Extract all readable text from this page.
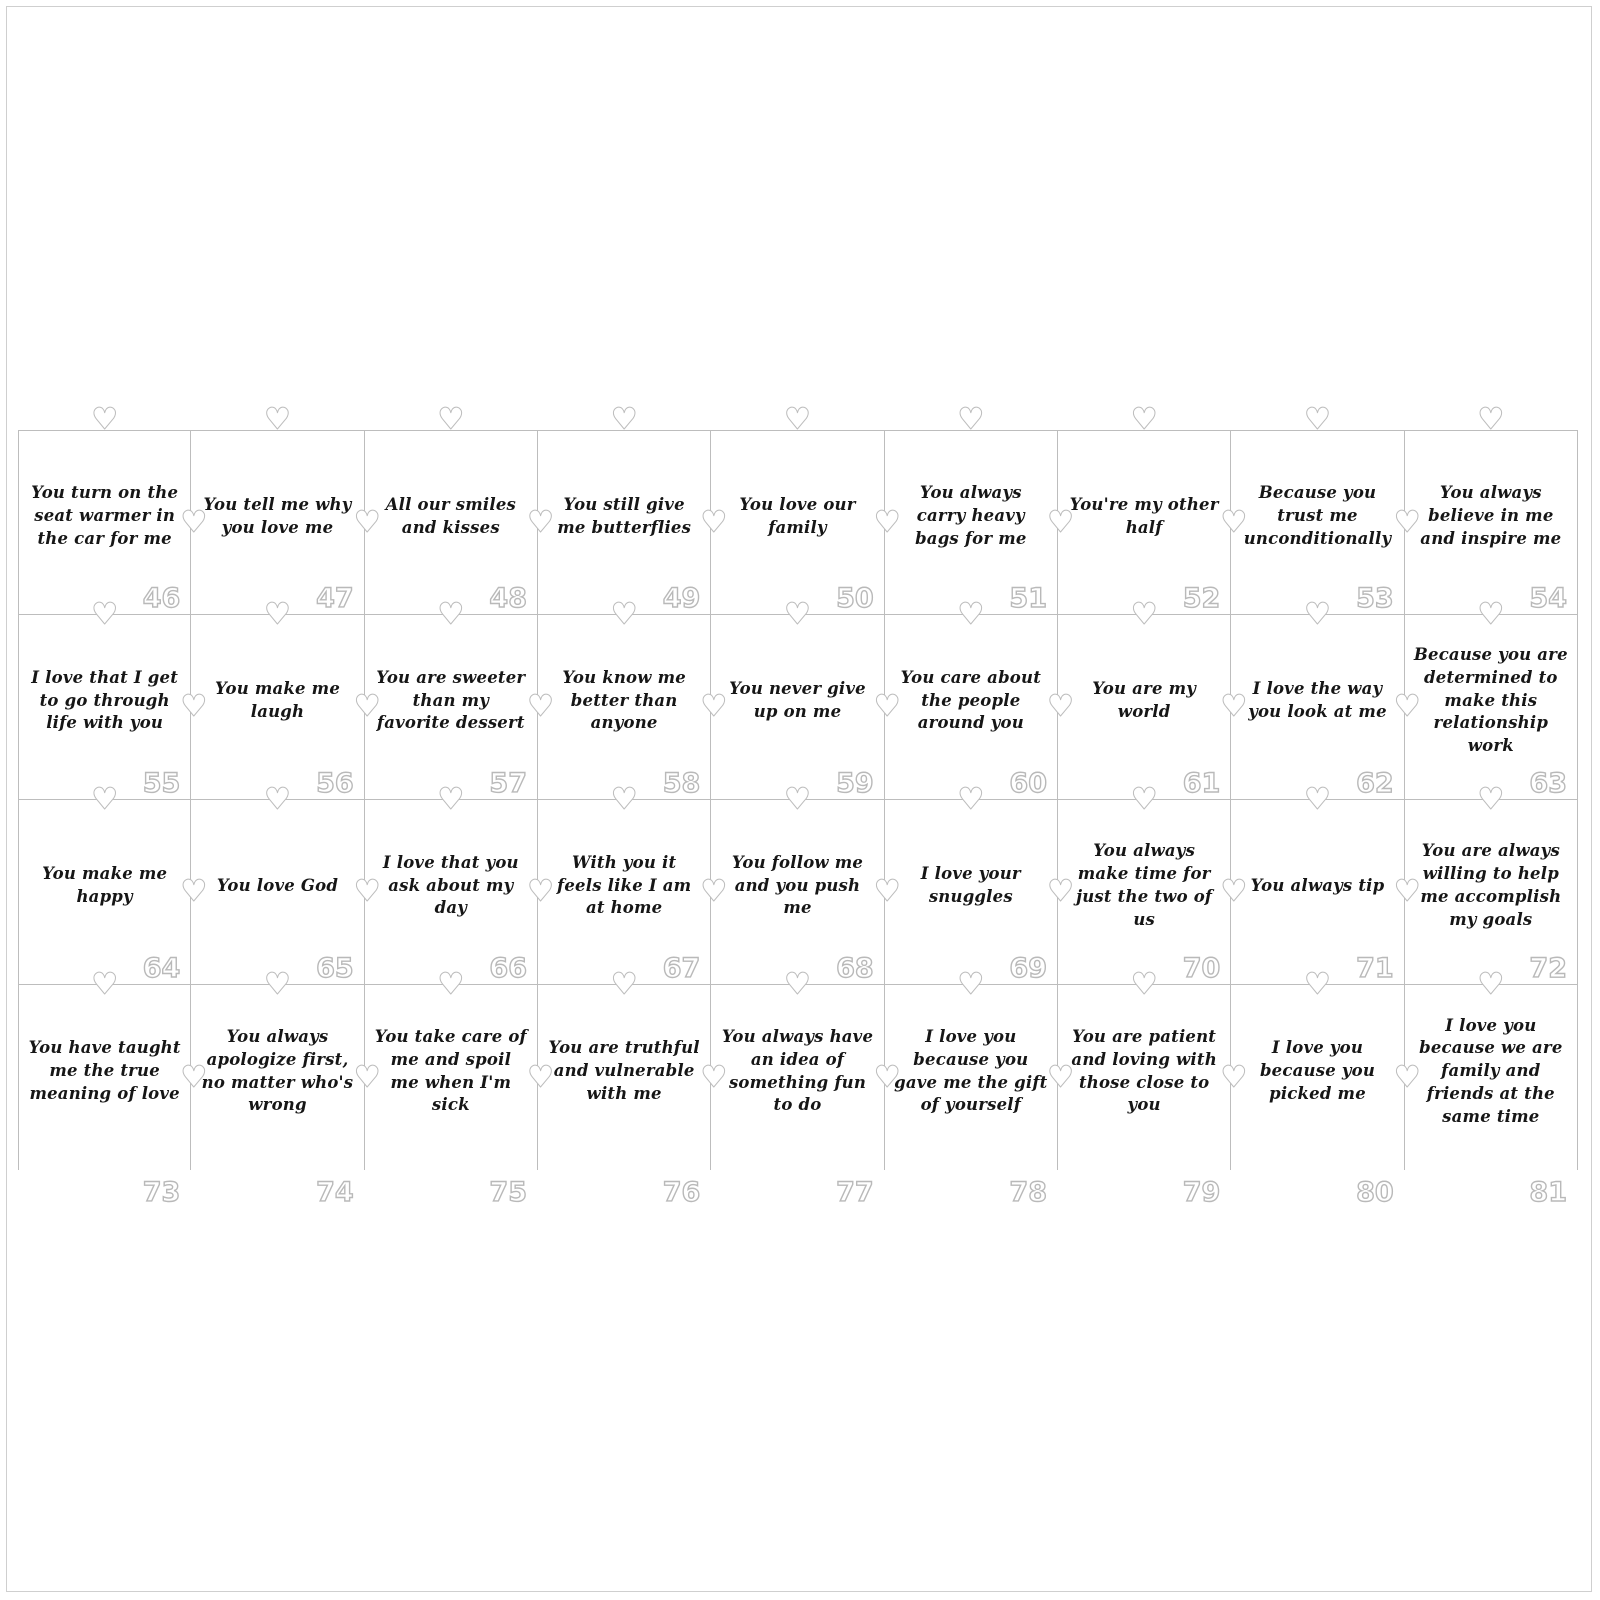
♥
♥
♥
You turn on the seat warmer in the car for me
46
♥
♥
♥
You tell me why you love me
47
♥
♥
♥
All our smiles and kisses
48
♥
♥
♥
You still give me butterflies
49
♥
♥
♥
You love our family
50
♥
♥
♥
You always carry heavy bags for me
51
♥
♥
♥
You're my other half
52
♥
♥
♥
Because you trust me unconditionally
53
♥
♥
You always believe in me and inspire me
54
♥
♥
I love that I get to go through life with you
55
♥
♥
You make me laugh
56
♥
♥
You are sweeter than my favorite dessert
57
♥
♥
You know me better than anyone
58
♥
♥
You never give up on me
59
♥
♥
You care about the people around you
60
♥
♥
You are my world
61
♥
♥
I love the way you look at me
62	♥
Because you are determined to make this relationship work
63
♥
♥
You make me happy
64
♥
♥
You love God
65
♥
♥
I love that you ask about my day
66
♥
♥
With you it feels like I am at home
67
♥
♥
You follow me and you push me
68
♥
♥
I love your snuggles
69
♥
♥
You always make time for just the two of us
70
♥
♥
You always tip
71	♥
You are always willing to help me accomplish my goals
72
♥
You have taught me the true meaning of love
73
♥
You always apologize first, no matter who's wrong
74
♥
You take care of me and spoil me when I'm sick
75
♥
You are truthful and vulnerable with me
76
♥
You always have an idea of something fun to do
77
♥
I love you because you gave me the gift of yourself
78
♥
You are patient and loving with those close to you
79
♥
I love you because you picked me
80
I love you because we are family and friends at the same time
81
